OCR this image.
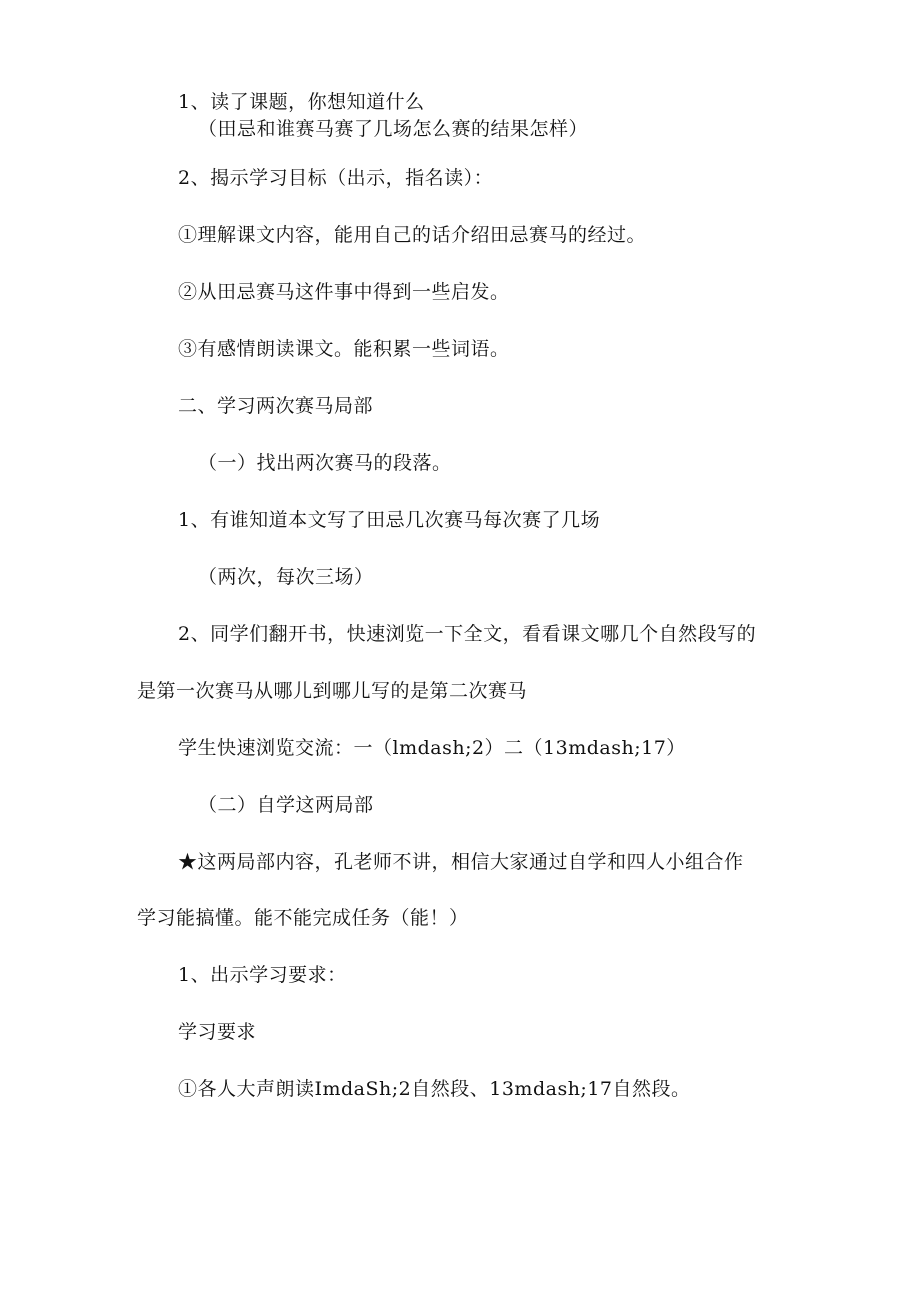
1、读了课题，你想知道什么
（田忌和谁赛马赛了几场怎么赛的结果怎样）
2、揭示学习目标（出示，指名读）：
①理解课文内容，能用自己的话介绍田忌赛马的经过。
②从田忌赛马这件事中得到一些启发。
③有感情朗读课文。能积累一些词语。
二、学习两次赛马局部
（一）找出两次赛马的段落。
1、有谁知道本文写了田忌几次赛马每次赛了几场
（两次，每次三场）
2、同学们翻开书，快速浏览一下全文，看看课文哪几个自然段写的
是第一次赛马从哪儿到哪儿写的是第二次赛马
学生快速浏览交流：一（lmdash;2）二（13mdash;17）
（二）自学这两局部
★这两局部内容，孔老师不讲，相信大家通过自学和四人小组合作
学习能搞懂。能不能完成任务（能！）
1、出示学习要求：
学习要求
①各人大声朗读ImdaSh;2自然段、13mdash;17自然段。
